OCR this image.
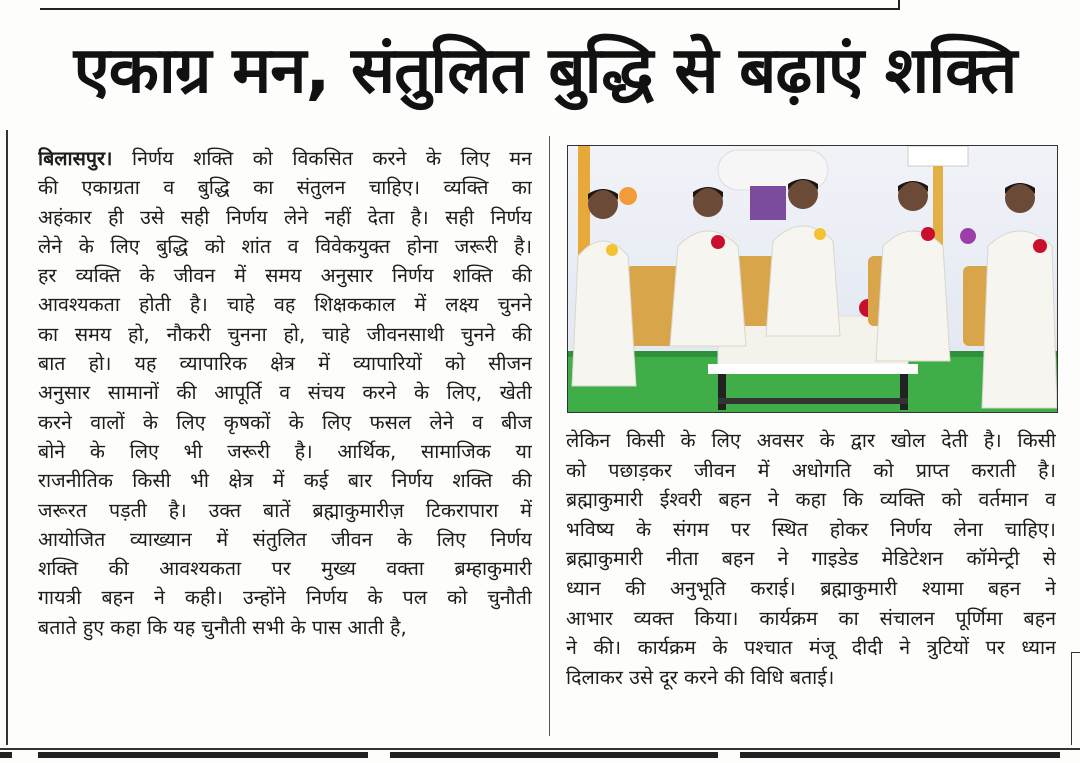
एकाग्र मन, संतुलित बुद्धि से बढ़ाएं शक्ति
बिलासपुर। निर्णय शक्ति को विकसित करने के लिए मन
की एकाग्रता व बुद्धि का संतुलन चाहिए। व्यक्ति का
अहंकार ही उसे सही निर्णय लेने नहीं देता है। सही निर्णय
लेने के लिए बुद्धि को शांत व विवेकयुक्त होना जरूरी है।
हर व्यक्ति के जीवन में समय अनुसार निर्णय शक्ति की
आवश्यकता होती है। चाहे वह शिक्षककाल में लक्ष्य चुनने
का समय हो, नौकरी चुनना हो, चाहे जीवनसाथी चुनने की
बात हो। यह व्यापारिक क्षेत्र में व्यापारियों को सीजन
अनुसार सामानों की आपूर्ति व संचय करने के लिए, खेती
करने वालों के लिए कृषकों के लिए फसल लेने व बीज
बोने के लिए भी जरूरी है। आर्थिक, सामाजिक या
राजनीतिक किसी भी क्षेत्र में कई बार निर्णय शक्ति की
जरूरत पड़ती है। उक्त बातें ब्रह्माकुमारीज़ टिकरापारा में
आयोजित व्याख्यान में संतुलित जीवन के लिए निर्णय
शक्ति की आवश्यकता पर मुख्य वक्ता ब्रम्हाकुमारी
गायत्री बहन ने कही। उन्होंने निर्णय के पल को चुनौती
बताते हुए कहा कि यह चुनौती सभी के पास आती है,
लेकिन किसी के लिए अवसर के द्वार खोल देती है। किसी
को पछाड़कर जीवन में अधोगति को प्राप्त कराती है।
ब्रह्माकुमारी ईश्वरी बहन ने कहा कि व्यक्ति को वर्तमान व
भविष्य के संगम पर स्थित होकर निर्णय लेना चाहिए।
ब्रह्माकुमारी नीता बहन ने गाइडेड मेडिटेशन कॉमेन्ट्री से
ध्यान की अनुभूति कराई। ब्रह्माकुमारी श्यामा बहन ने
आभार व्यक्त किया। कार्यक्रम का संचालन पूर्णिमा बहन
ने की। कार्यक्रम के पश्चात मंजू दीदी ने त्रुटियों पर ध्यान
दिलाकर उसे दूर करने की विधि बताई।
